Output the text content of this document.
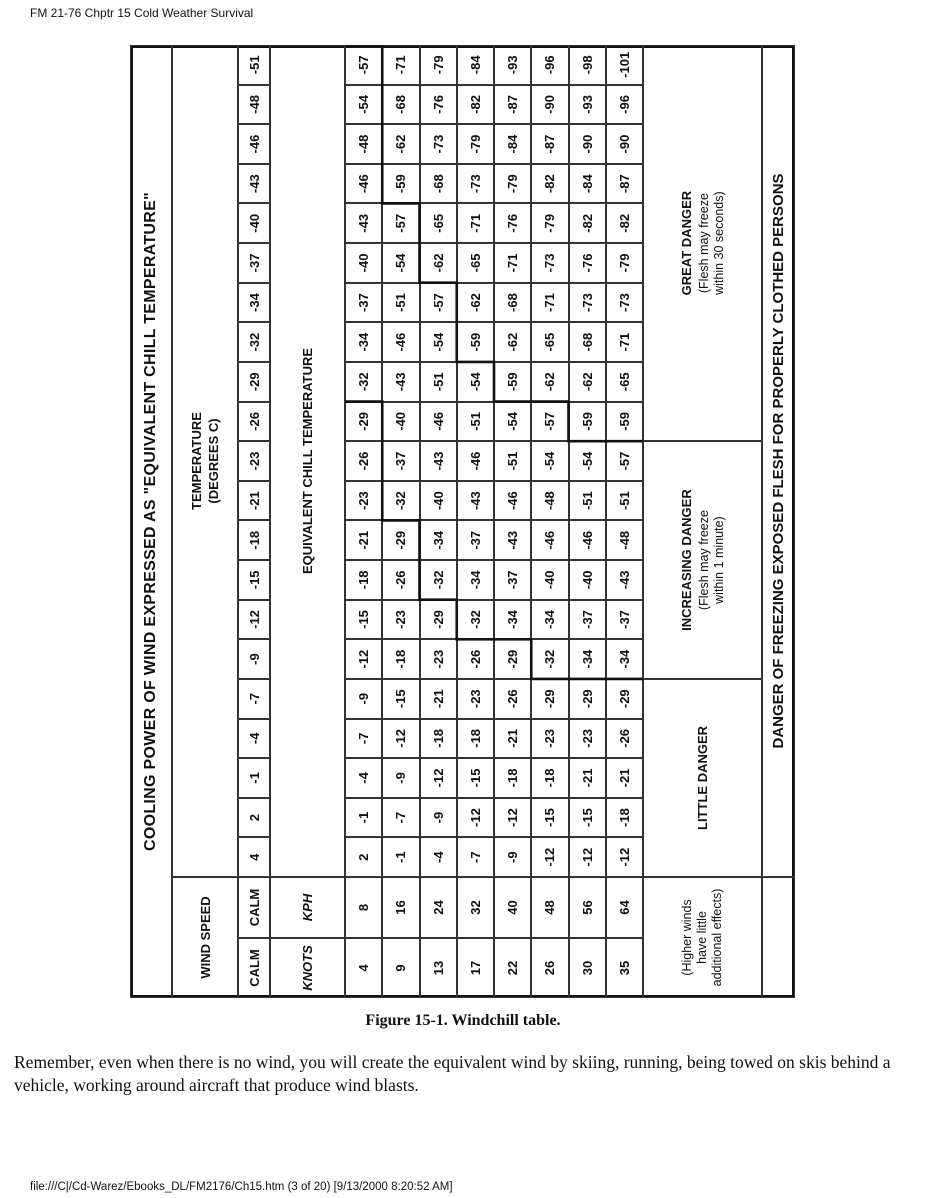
FM 21-76 Chptr 15 Cold Weather Survival
COOLING POWER OF WIND EXPRESSED AS "EQUIVALENT CHILL TEMPERATURE"
WIND SPEED
TEMPERATURE (DEGREES C)
CALM
CALM
4
2
-1
-4
-7
-9
-12
-15
-18
-21
-23
-26
-29
-32
-34
-37
-40
-43
-46
-48
-51
KNOTS
KPH
EQUIVALENT CHILL TEMPERATURE
4
8
2
-1
-4
-7
-9
-12
-15
-18
-21
-23
-26
-29
-32
-34
-37
-40
-43
-46
-48
-54
-57
9
16
-1
-7
-9
-12
-15
-18
-23
-26
-29
-32
-37
-40
-43
-46
-51
-54
-57
-59
-62
-68
-71
13
24
-4
-9
-12
-18
-21
-23
-29
-32
-34
-40
-43
-46
-51
-54
-57
-62
-65
-68
-73
-76
-79
17
32
-7
-12
-15
-18
-23
-26
-32
-34
-37
-43
-46
-51
-54
-59
-62
-65
-71
-73
-79
-82
-84
22
40
-9
-12
-18
-21
-26
-29
-34
-37
-43
-46
-51
-54
-59
-62
-68
-71
-76
-79
-84
-87
-93
26
48
-12
-15
-18
-23
-29
-32
-34
-40
-46
-48
-54
-57
-62
-65
-71
-73
-79
-82
-87
-90
-96
30
56
-12
-15
-21
-23
-29
-34
-37
-40
-46
-51
-54
-59
-62
-68
-73
-76
-82
-84
-90
-93
-98
35
64
-12
-18
-21
-26
-29
-34
-37
-43
-48
-51
-57
-59
-65
-71
-73
-79
-82
-87
-90
-96
-101
(Higher winds have little additional effects)
LITTLE DANGER
INCREASING DANGER (Flesh may freeze within 1 minute)
GREAT DANGER (Flesh may freeze within 30 seconds)	DANGER OF FREEZING EXPOSED FLESH FOR PROPERLY CLOTHED PERSONS
Figure 15-1. Windchill table.
Remember, even when there is no wind, you will create the equivalent wind by skiing, running, being towed on skis behind a vehicle, working around aircraft that produce wind blasts.
file:///C|/Cd-Warez/Ebooks_DL/FM2176/Ch15.htm (3 of 20) [9/13/2000 8:20:52 AM]
